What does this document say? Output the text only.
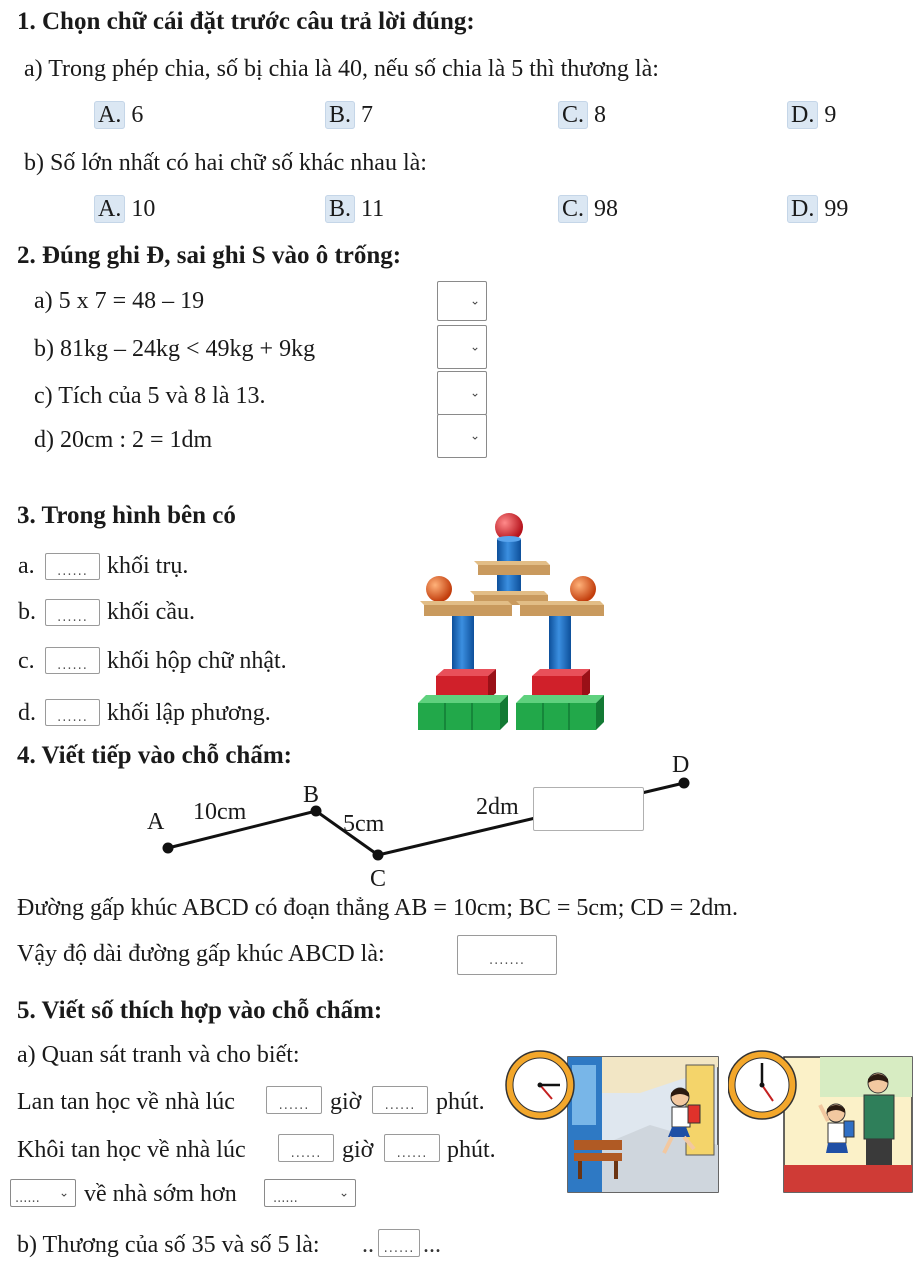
1. Chọn chữ cái đặt trước câu trả lời đúng:
a) Trong phép chia, số bị chia là 40, nếu số chia là 5 thì thương là:
A. 6	B. 7	C. 8	D. 9
b) Số lớn nhất có hai chữ số khác nhau là:
A. 10	B. 11	C. 98	D. 99
2. Đúng ghi Đ, sai ghi S vào ô trống:
a) 5 x 7 = 48 – 19	⌄
b) 81kg – 24kg < 49kg + 9kg	⌄
c) Tích của 5 và 8 là 13.	⌄
d) 20cm : 2 = 1dm	⌄
3. Trong hình bên có
a.	...... khối trụ.
b.	...... khối cầu.
c.	...... khối hộp chữ nhật.
d.	...... khối lập phương.
4. Viết tiếp vào chỗ chấm:
A
B
C
D
10cm	5cm
2dm
Đường gấp khúc ABCD có đoạn thẳng AB = 10cm; BC = 5cm; CD = 2dm.
Vậy độ dài đường gấp khúc ABCD là:	.......
5. Viết số thích hợp vào chỗ chấm:
a) Quan sát tranh và cho biết:
Lan tan học về nhà lúc	...... giờ	...... phút.
Khôi tan học về nhà lúc	...... giờ	...... phút.
...... ⌄ về nhà sớm hơn	......	⌄
b) Thương của số 35 và số 5 là: .. ...... ...
